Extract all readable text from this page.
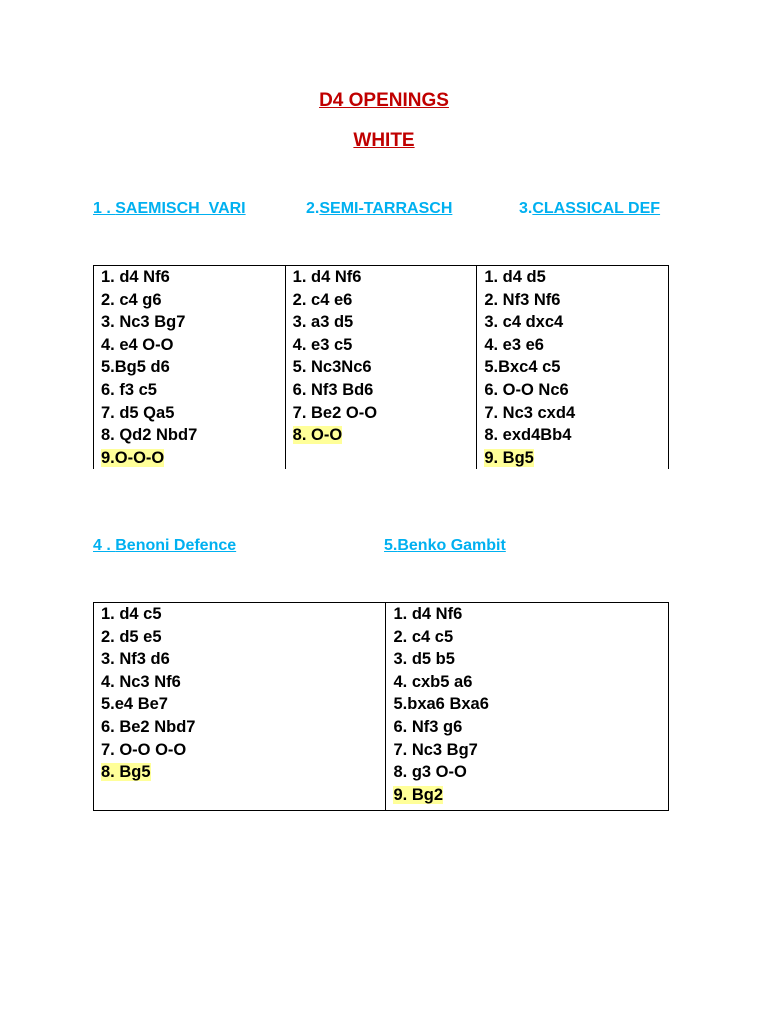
D4 OPENINGS
WHITE
1 . SAEMISCH  VARI	2.SEMI-TARRASCH	3.CLASSICAL DEF
1. d4 Nf6
2. c4 g6
3. Nc3 Bg7
4. e4 O-O
5.Bg5 d6
6. f3 c5
7. d5 Qa5
8. Qd2 Nbd7
9.O-O-O

1. d4 Nf6
2. c4 e6
3. a3 d5
4. e3 c5
5. Nc3Nc6
6. Nf3 Bd6
7. Be2 O-O
8. O-O

1. d4 d5
2. Nf3 Nf6
3. c4 dxc4
4. e3 e6
5.Bxc4 c5
6. O-O Nc6
7. Nc3 cxd4
8. exd4Bb4
9. Bg5
4 . Benoni Defence	5.Benko Gambit
1. d4 c5
2. d5 e5
3. Nf3 d6
4. Nc3 Nf6
5.e4 Be7
6. Be2 Nbd7
7. O-O O-O
8. Bg5

1. d4 Nf6
2. c4 c5
3. d5 b5
4. cxb5 a6
5.bxa6 Bxa6
6. Nf3 g6
7. Nc3 Bg7
8. g3 O-O
9. Bg2
